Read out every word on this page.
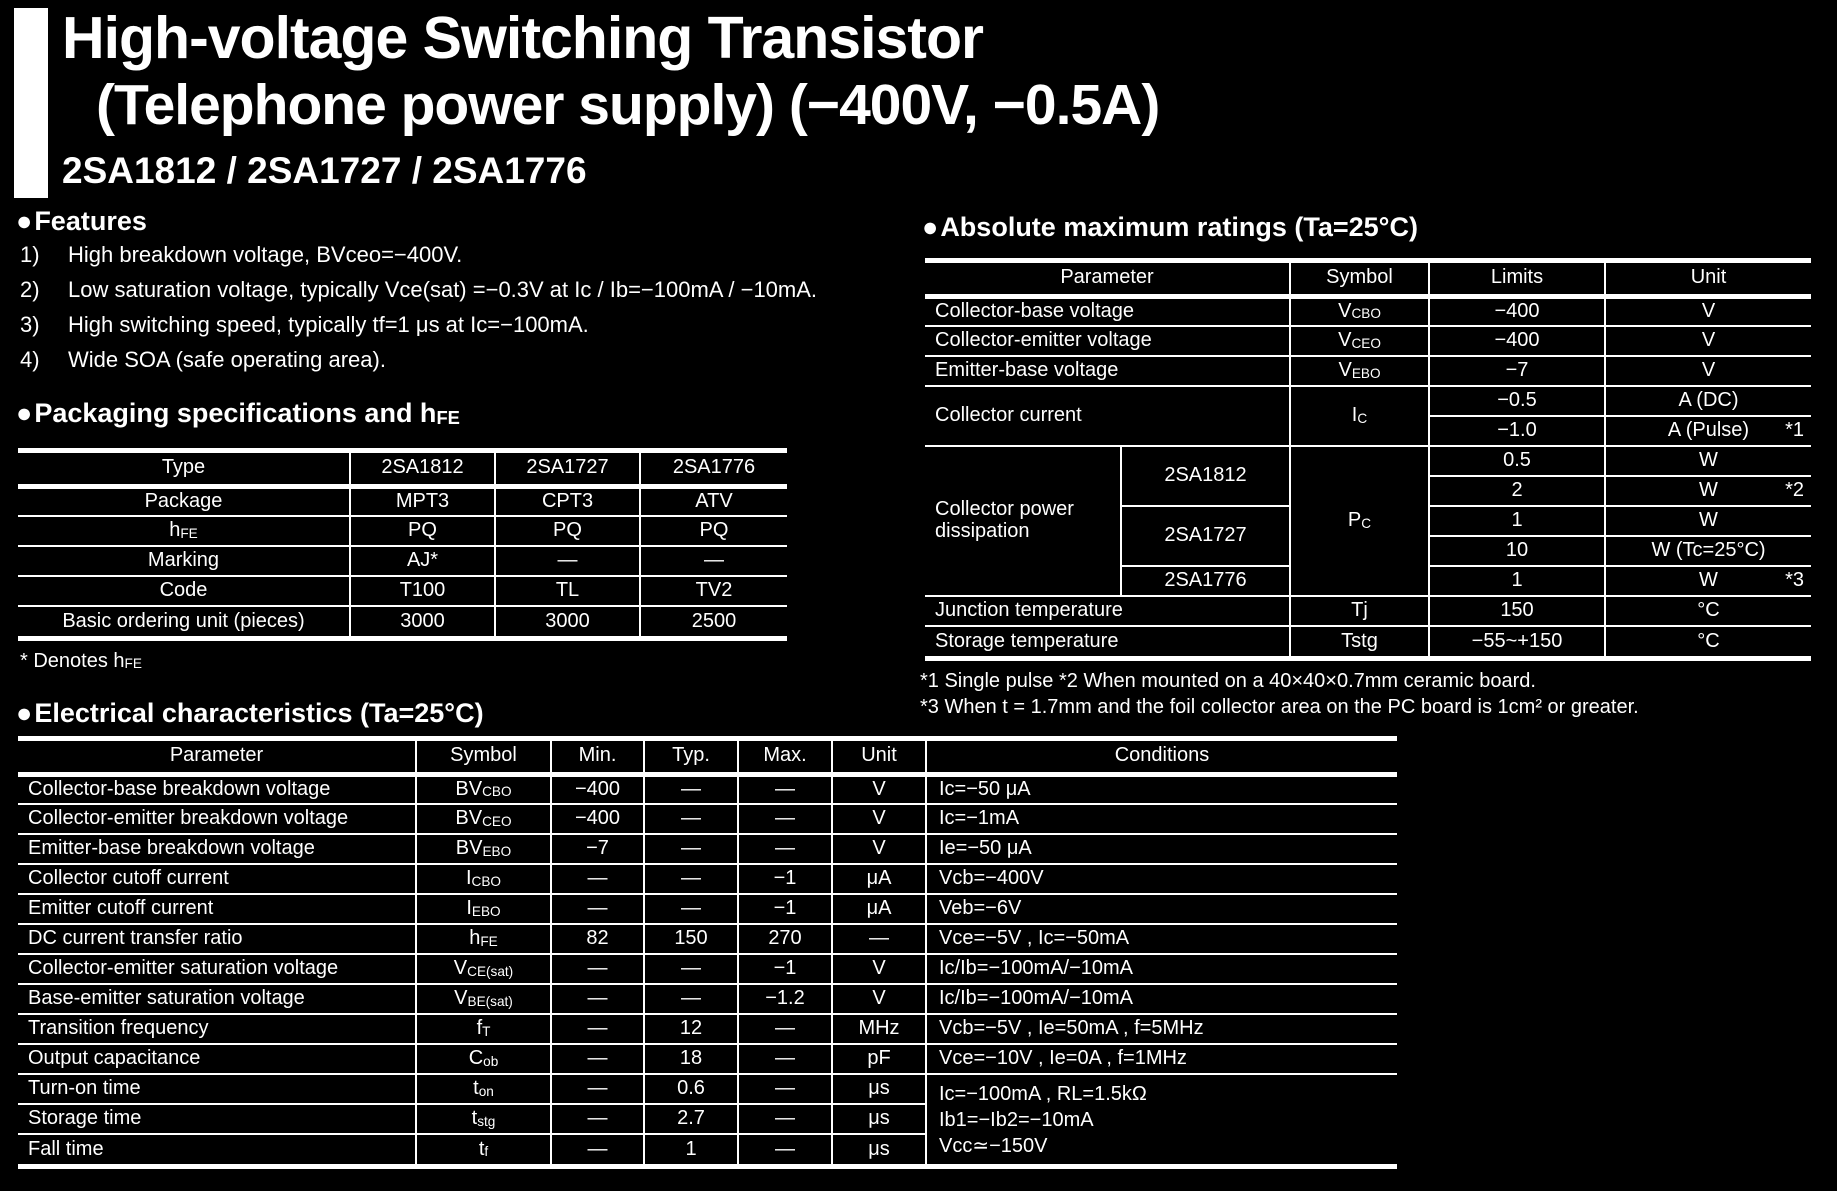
High-voltage Switching Transistor
(Telephone power supply) (−400V, −0.5A)
2SA1812 / 2SA1727 / 2SA1776
●Features
1) High breakdown voltage, BVceo=−400V.
2) Low saturation voltage, typically Vce(sat) =−0.3V at Ic / Ib=−100mA / −10mA.
3) High switching speed, typically tf=1 μs at Ic=−100mA.
4) Wide SOA (safe operating area).
●Packaging specifications and hFE
Type	2SA1812	2SA1727	2SA1776
Package	MPT3	CPT3	ATV
hFE	PQ	PQ	PQ
Marking	AJ*	—	—
Code	T100	TL	TV2
Basic ordering unit (pieces)	3000	3000	2500
* Denotes hFE
●Absolute maximum ratings (Ta=25°C)
Parameter		Symbol	Limits	Unit
Collector-base voltage		VCBO	−400	V
Collector-emitter voltage		VCEO	−400	V
Emitter-base voltage		VEBO	−7	V
Collector current		IC	−0.5	A (DC)

			−1.0	A (Pulse) *1

Collector power dissipation	2SA1812	PC	0.5	W

			2	W *2

	2SA1727		1	W

			10	W (Tc=25°C)

	2SA1776		1	W *3

Junction temperature		Tj	150	°C
Storage temperature		Tstg	−55~+150	°C
*1 Single pulse *2 When mounted on a 40×40×0.7mm ceramic board.
*3 When t = 1.7mm and the foil collector area on the PC board is 1cm² or greater.
●Electrical characteristics (Ta=25°C)
Parameter	Symbol	Min.	Typ.	Max.	Unit	Conditions
Collector-base breakdown voltage	BVCBO	−400	—	—	V	Ic=−50 μA
Collector-emitter breakdown voltage	BVCEO	−400	—	—	V	Ic=−1mA
Emitter-base breakdown voltage	BVEBO	−7	—	—	V	Ie=−50 μA
Collector cutoff current	ICBO	—	—	−1	μA	Vcb=−400V
Emitter cutoff current	IEBO	—	—	−1	μA	Veb=−6V
DC current transfer ratio	hFE	82	150	270	—	Vce=−5V , Ic=−50mA
Collector-emitter saturation voltage	VCE(sat)	—	—	−1	V	Ic/Ib=−100mA/−10mA
Base-emitter saturation voltage	VBE(sat)	—	—	−1.2	V	Ic/Ib=−100mA/−10mA
Transition frequency	fT	—	12	—	MHz	Vcb=−5V , Ie=50mA , f=5MHz
Output capacitance	Cob	—	18	—	pF	Vce=−10V , Ie=0A , f=1MHz
Turn-on time	ton	—	0.6	—	μs	Ic=−100mA , RL=1.5kΩ
Ib1=−Ib2=−10mA
Vcc≃−150V

Storage time	tstg	—	2.7	—	μs	
Fall time	tf	—	1	—	μs	
